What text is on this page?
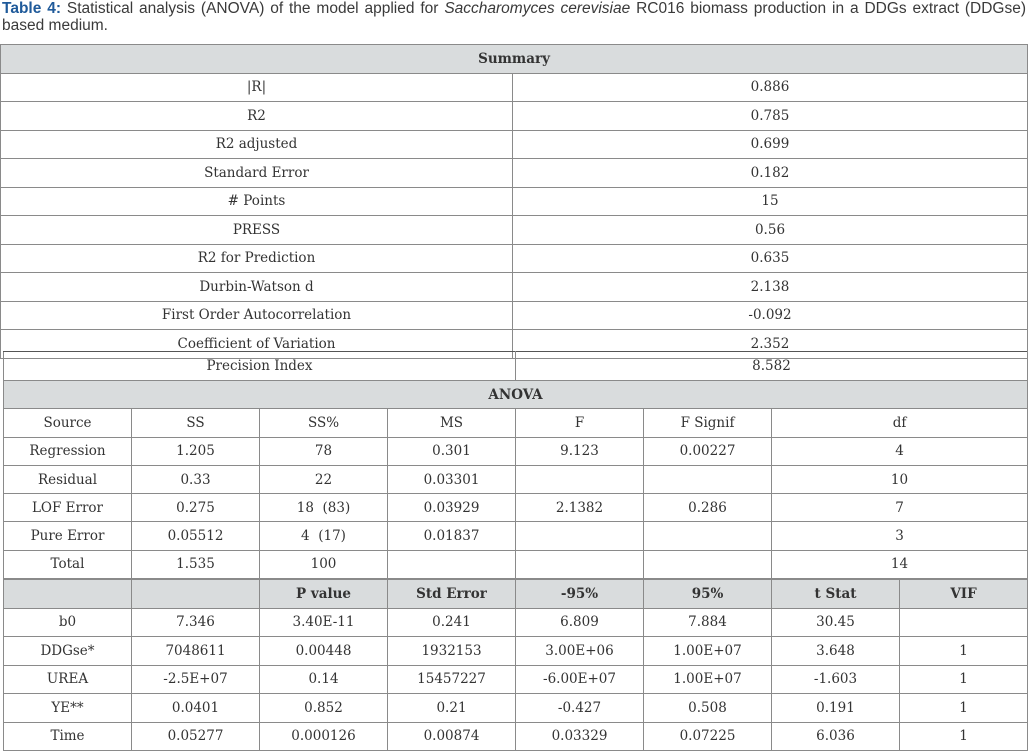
Table 4: Statistical analysis (ANOVA) of the model applied for Saccharomyces cerevisiae RC016 biomass production in a DDGs extract (DDGse) based medium.
Summary	
|R|	0.886
R2	0.785
R2 adjusted	0.699
Standard Error	0.182
# Points	15
PRESS	0.56
R2 for Prediction	0.635
Durbin-Watson d	2.138
First Order Autocorrelation	-0.092
Coefficient of Variation	2.352
Precision Index	8.582
ANOVA						
Source	SS	SS%	MS	F	F Signif	df
Regression	1.205	78	0.301	9.123	0.00227	4
Residual	0.33	22	0.03301			10
LOF Error	0.275	18  (83)	0.03929	2.1382	0.286	7
Pure Error	0.05512	4  (17)	0.01837			3
Total	1.535	100				14
		P value	Std Error	-95%	95%	t Stat	VIF
b0	7.346	3.40E-11	0.241	6.809	7.884	30.45	
DDGse*	7048611	0.00448	1932153	3.00E+06	1.00E+07	3.648	1
UREA	-2.5E+07	0.14	15457227	-6.00E+07	1.00E+07	-1.603	1
YE**	0.0401	0.852	0.21	-0.427	0.508	0.191	1
Time	0.05277	0.000126	0.00874	0.03329	0.07225	6.036	1
